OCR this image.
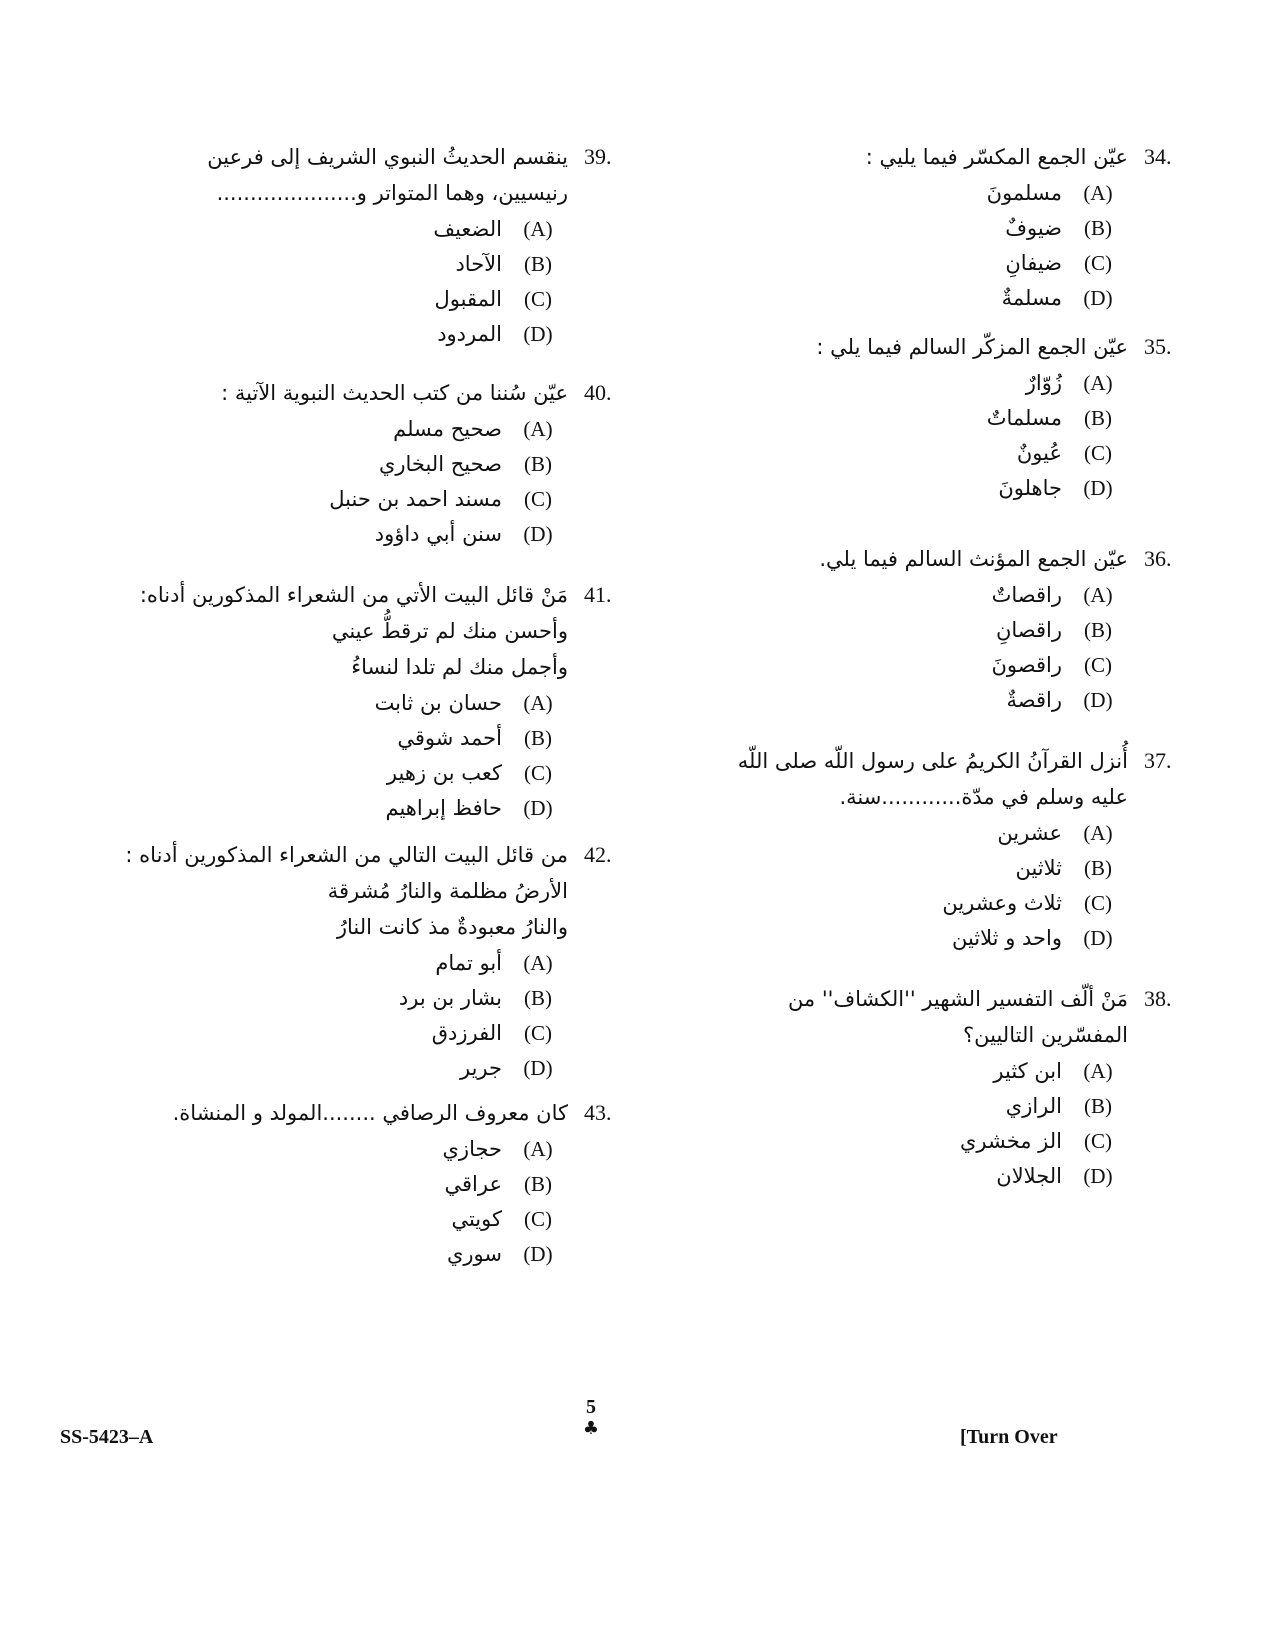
34.
عيّن الجمع المكسّر فيما يليي :
(A)
مسلمونَ
(B)
ضيوفٌ
(C)
ضيفانِ
(D)
مسلمةٌ
35.
عيّن الجمع المزكّر السالم فيما يلي :
(A)
زُوّارٌ
(B)
مسلماتٌ
(C)
عُيونٌ
(D)
جاهلونَ
36.
عيّن الجمع المؤنث السالم فيما يلي.
(A)
راقصاتٌ
(B)
راقصانِ
(C)
راقصونَ
(D)
راقصةٌ
37.
أُنزل القرآنُ الكريمُ على رسول اللّه صلى اللّه
عليه وسلم في مدّة............سنة.
(A)
عشرين
(B)
ثلاثين
(C)
ثلاث وعشرين
(D)
واحد و ثلاثين
38.
مَنْ ألّف التفسير الشهير ''الكشاف'' من
المفسّرين التاليين؟
(A)
ابن كثير
(B)
الرازي
(C)
الز مخشري
(D)
الجلالان
39.
ينقسم الحديثُ النبوي الشريف إلى فرعين
رنيسيين، وهما المتواتر و.....................
(A)
الضعيف
(B)
الآحاد
(C)
المقبول
(D)
المردود
40.
عيّن سُننا من كتب الحديث النبوية الآتية :
(A)
صحيح مسلم
(B)
صحيح البخاري
(C)
مسند احمد بن حنبل
(D)
سنن أبي داؤود
41.
مَنْ قائل البيت الأتي من الشعراء المذكورين أدناه:
وأحسن منك لم ترقطُّ عيني
وأجمل منك لم تلدا لنساءُ
(A)
حسان بن ثابت
(B)
أحمد شوقي
(C)
كعب بن زهير
(D)
حافظ إبراهيم
42.
من قائل البيت التالي من الشعراء المذكورين أدناه :
الأرضُ مظلمة والنارُ مُشرقة
والنارُ معبودةٌ مذ كانت النارُ
(A)
أبو تمام
(B)
بشار بن برد
(C)
الفرزدق
(D)
جرير
43.
كان معروف الرصافي ........المولد و المنشاة.
(A)
حجازي
(B)
عراقي
(C)
كويتي
(D)
سوري
SS-5423–A
5
♣	[Turn Over
